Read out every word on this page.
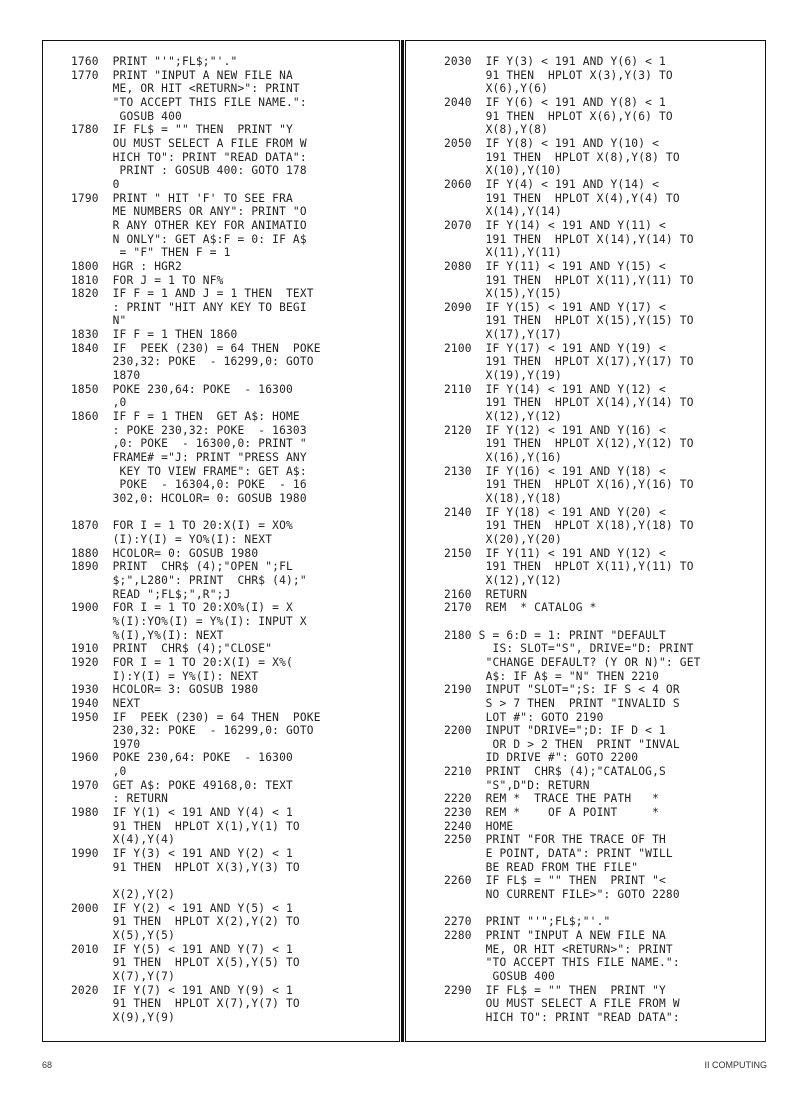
1760  PRINT "'";FL$;"'."
1770  PRINT "INPUT A NEW FILE NA
ME, OR HIT <RETURN>": PRINT
"TO ACCEPT THIS FILE NAME.":
GOSUB 400
1780  IF FL$ = "" THEN  PRINT "Y
OU MUST SELECT A FILE FROM W
HICH TO": PRINT "READ DATA":
PRINT : GOSUB 400: GOTO 178
0
1790  PRINT " HIT 'F' TO SEE FRA
ME NUMBERS OR ANY": PRINT "O
R ANY OTHER KEY FOR ANIMATIO
N ONLY": GET A$:F = 0: IF A$
= "F" THEN F = 1
1800  HGR : HGR2
1810  FOR J = 1 TO NF%
1820  IF F = 1 AND J = 1 THEN  TEXT
: PRINT "HIT ANY KEY TO BEGI
N"
1830  IF F = 1 THEN 1860
1840  IF  PEEK (230) = 64 THEN  POKE
230,32: POKE  - 16299,0: GOTO
1870
1850  POKE 230,64: POKE  - 16300
,0
1860  IF F = 1 THEN  GET A$: HOME
: POKE 230,32: POKE  - 16303
,0: POKE  - 16300,0: PRINT "
FRAME# ="J: PRINT "PRESS ANY
KEY TO VIEW FRAME": GET A$:
POKE  - 16304,0: POKE  - 16
302,0: HCOLOR= 0: GOSUB 1980

1870  FOR I = 1 TO 20:X(I) = XO%
(I):Y(I) = YO%(I): NEXT
1880  HCOLOR= 0: GOSUB 1980
1890  PRINT  CHR$ (4);"OPEN ";FL
$;",L280": PRINT  CHR$ (4);"
READ ";FL$;",R";J
1900  FOR I = 1 TO 20:XO%(I) = X
%(I):YO%(I) = Y%(I): INPUT X
%(I),Y%(I): NEXT
1910  PRINT  CHR$ (4);"CLOSE"
1920  FOR I = 1 TO 20:X(I) = X%(
I):Y(I) = Y%(I): NEXT
1930  HCOLOR= 3: GOSUB 1980
1940  NEXT
1950  IF  PEEK (230) = 64 THEN  POKE
230,32: POKE  - 16299,0: GOTO
1970
1960  POKE 230,64: POKE  - 16300
,0
1970  GET A$: POKE 49168,0: TEXT
: RETURN
1980  IF Y(1) < 191 AND Y(4) < 1
91 THEN  HPLOT X(1),Y(1) TO
X(4),Y(4)
1990  IF Y(3) < 191 AND Y(2) < 1
91 THEN  HPLOT X(3),Y(3) TO

X(2),Y(2)
2000  IF Y(2) < 191 AND Y(5) < 1
91 THEN  HPLOT X(2),Y(2) TO
X(5),Y(5)
2010  IF Y(5) < 191 AND Y(7) < 1
91 THEN  HPLOT X(5),Y(5) TO
X(7),Y(7)
2020  IF Y(7) < 191 AND Y(9) < 1
91 THEN  HPLOT X(7),Y(7) TO
X(9),Y(9)
2030  IF Y(3) < 191 AND Y(6) < 1
91 THEN  HPLOT X(3),Y(3) TO
X(6),Y(6)
2040  IF Y(6) < 191 AND Y(8) < 1
91 THEN  HPLOT X(6),Y(6) TO
X(8),Y(8)
2050  IF Y(8) < 191 AND Y(10) <
191 THEN  HPLOT X(8),Y(8) TO
X(10),Y(10)
2060  IF Y(4) < 191 AND Y(14) <
191 THEN  HPLOT X(4),Y(4) TO
X(14),Y(14)
2070  IF Y(14) < 191 AND Y(11) <
191 THEN  HPLOT X(14),Y(14) TO
X(11),Y(11)
2080  IF Y(11) < 191 AND Y(15) <
191 THEN  HPLOT X(11),Y(11) TO
X(15),Y(15)
2090  IF Y(15) < 191 AND Y(17) <
191 THEN  HPLOT X(15),Y(15) TO
X(17),Y(17)
2100  IF Y(17) < 191 AND Y(19) <
191 THEN  HPLOT X(17),Y(17) TO
X(19),Y(19)
2110  IF Y(14) < 191 AND Y(12) <
191 THEN  HPLOT X(14),Y(14) TO
X(12),Y(12)
2120  IF Y(12) < 191 AND Y(16) <
191 THEN  HPLOT X(12),Y(12) TO
X(16),Y(16)
2130  IF Y(16) < 191 AND Y(18) <
191 THEN  HPLOT X(16),Y(16) TO
X(18),Y(18)
2140  IF Y(18) < 191 AND Y(20) <
191 THEN  HPLOT X(18),Y(18) TO
X(20),Y(20)
2150  IF Y(11) < 191 AND Y(12) <
191 THEN  HPLOT X(11),Y(11) TO
X(12),Y(12)
2160  RETURN
2170  REM  * CATALOG *

2180 S = 6:D = 1: PRINT "DEFAULT
IS: SLOT="S", DRIVE="D: PRINT
"CHANGE DEFAULT? (Y OR N)": GET
A$: IF A$ = "N" THEN 2210
2190  INPUT "SLOT=";S: IF S < 4 OR
S > 7 THEN  PRINT "INVALID S
LOT #": GOTO 2190
2200  INPUT "DRIVE=";D: IF D < 1
OR D > 2 THEN  PRINT "INVAL
ID DRIVE #": GOTO 2200
2210  PRINT  CHR$ (4);"CATALOG,S
"S",D"D: RETURN
2220  REM *  TRACE THE PATH   *
2230  REM *    OF A POINT     *
2240  HOME
2250  PRINT "FOR THE TRACE OF TH
E POINT, DATA": PRINT "WILL
BE READ FROM THE FILE"
2260  IF FL$ = "" THEN  PRINT "<
NO CURRENT FILE>": GOTO 2280

2270  PRINT "'";FL$;"'."
2280  PRINT "INPUT A NEW FILE NA
ME, OR HIT <RETURN>": PRINT
"TO ACCEPT THIS FILE NAME.":
GOSUB 400
2290  IF FL$ = "" THEN  PRINT "Y
OU MUST SELECT A FILE FROM W
HICH TO": PRINT "READ DATA":
68	II COMPUTING
